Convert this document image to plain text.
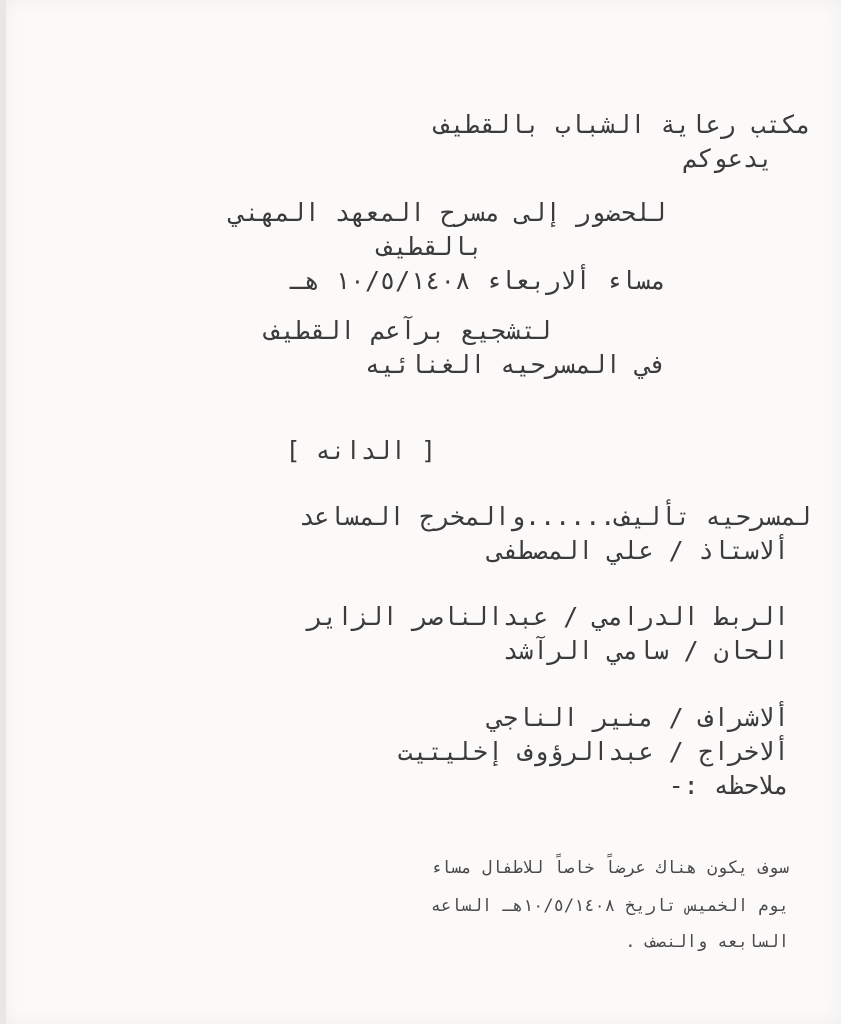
مكتب رعاية الشباب بالقطيف
يدعوكم
للحضور إلى مسرح المعهد المهني
بالقطيف
مساء ألاربعاء ١٠/٥/١٤٠٨ هـ
لتشجيع برآعم القطيف
في المسرحيه الغنائيه
[ الدانه ]
لمسرحيه تأليف......والمخرج المساعد
ألاستاذ / علي المصطفى
الربط الدرامي / عبدالناصر الزاير
الحان / سامي الرآشد
ألاشراف / منير الناجي
ألاخراج / عبدالرؤوف إخليتيت
ملاحظه :-
سوف يكون هناك عرضاً خاصاً للاطفال مساء
يوم الخميس تاريخ ١٠/٥/١٤٠٨هـ الساعه
السابعه والنصف .
